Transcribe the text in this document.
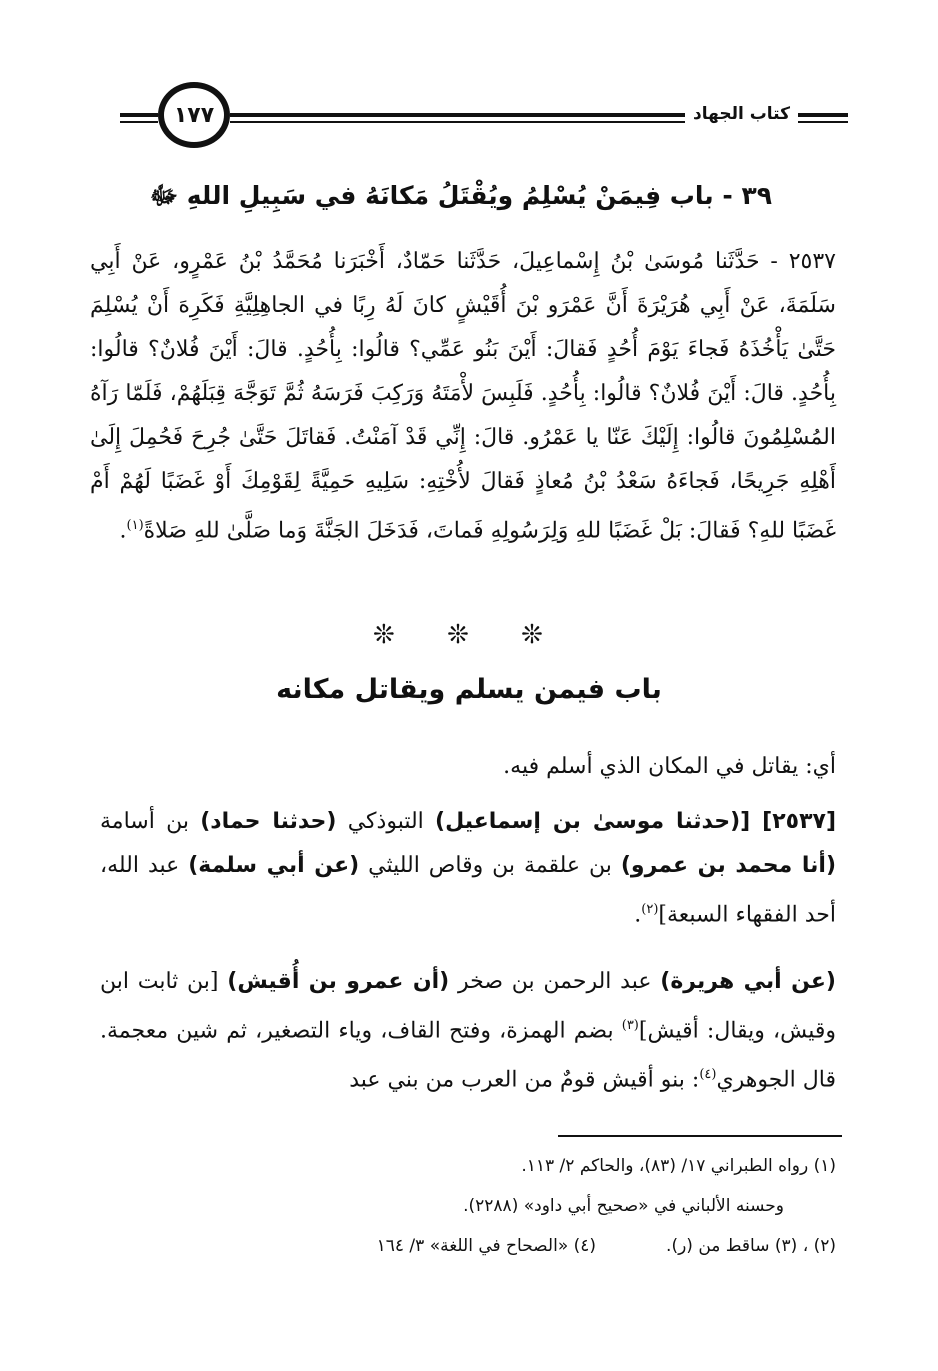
١٧٧	كتاب الجهاد
٣٩ - باب فِيمَنْ يُسْلِمُ ويُقْتَلُ مَكانَهُ في سَبِيلِ اللهِ ﷻ
٢٥٣٧ - حَدَّثَنا مُوسَىٰ بْنُ إِسْماعِيلَ، حَدَّثَنا حَمّادٌ، أَخْبَرَنا مُحَمَّدُ بْنُ عَمْرٍو، عَنْ أَبِي سَلَمَةَ، عَنْ أَبِي هُرَيْرَةَ أَنَّ عَمْرَو بْنَ أُقَيْشٍ كانَ لَهُ رِبًا في الجاهِلِيَّةِ فَكَرِهَ أَنْ يُسْلِمَ حَتَّىٰ يَأْخُذَهُ فَجاءَ يَوْمَ أُحُدٍ فَقالَ: أَيْنَ بَنُو عَمِّي؟ قالُوا: بِأُحُدٍ. قالَ: أَيْنَ فُلانٌ؟ قالُوا: بِأُحُدٍ. قالَ: أَيْنَ فُلانٌ؟ قالُوا: بِأُحُدٍ. فَلَبِسَ لأْمَتَهُ وَرَكِبَ فَرَسَهُ ثُمَّ تَوَجَّهَ قِبَلَهُمْ، فَلَمّا رَآهُ المُسْلِمُونَ قالُوا: إِلَيْكَ عَنّا يا عَمْرُو. قالَ: إِنِّي قَدْ آمَنْتُ. فَقاتَلَ حَتَّىٰ جُرِحَ فَحُمِلَ إِلَىٰ أَهْلِهِ جَرِيحًا، فَجاءَهُ سَعْدُ بْنُ مُعاذٍ فَقالَ لأُخْتِهِ: سَلِيهِ حَمِيَّةً لِقَوْمِكَ أَوْ غَضَبًا لَهُمْ أَمْ غَضَبًا للهِ؟ فَقالَ: بَلْ غَضَبًا للهِ وَلِرَسُولِهِ فَماتَ، فَدَخَلَ الجَنَّةَ وَما صَلَّىٰ للهِ صَلاةً$^{(١)}$.
❊ ❊ ❊
باب فيمن يسلم ويقاتل مكانه
أي: يقاتل في المكان الذي أسلم فيه.
[٢٥٣٧] [(حدثنا موسىٰ بن إسماعيل) التبوذكي (حدثنا حماد) بن أسامة (أنا محمد بن عمرو) بن علقمة بن وقاص الليثي (عن أبي سلمة) عبد الله، أحد الفقهاء السبعة]$^{(٢)}$.
(عن أبي هريرة) عبد الرحمن بن صخر (أن عمرو بن أُقيش) [بن ثابت ابن وقيش، ويقال: أقيش]$^{(٣)}$ بضم الهمزة، وفتح القاف، وياء التصغير، ثم شين معجمة. قال الجوهري$^{(٤)}$: بنو أقيش قومٌ من العرب من بني عبد
(١) رواه الطبراني ١٧/ (٨٣)، والحاكم ٢/ ١١٣.
وحسنه الألباني في «صحيح أبي داود» (٢٢٨٨).
(٢) ، (٣) ساقط من (ر).(٤) «الصحاح في اللغة» ٣/ ١٦٤
